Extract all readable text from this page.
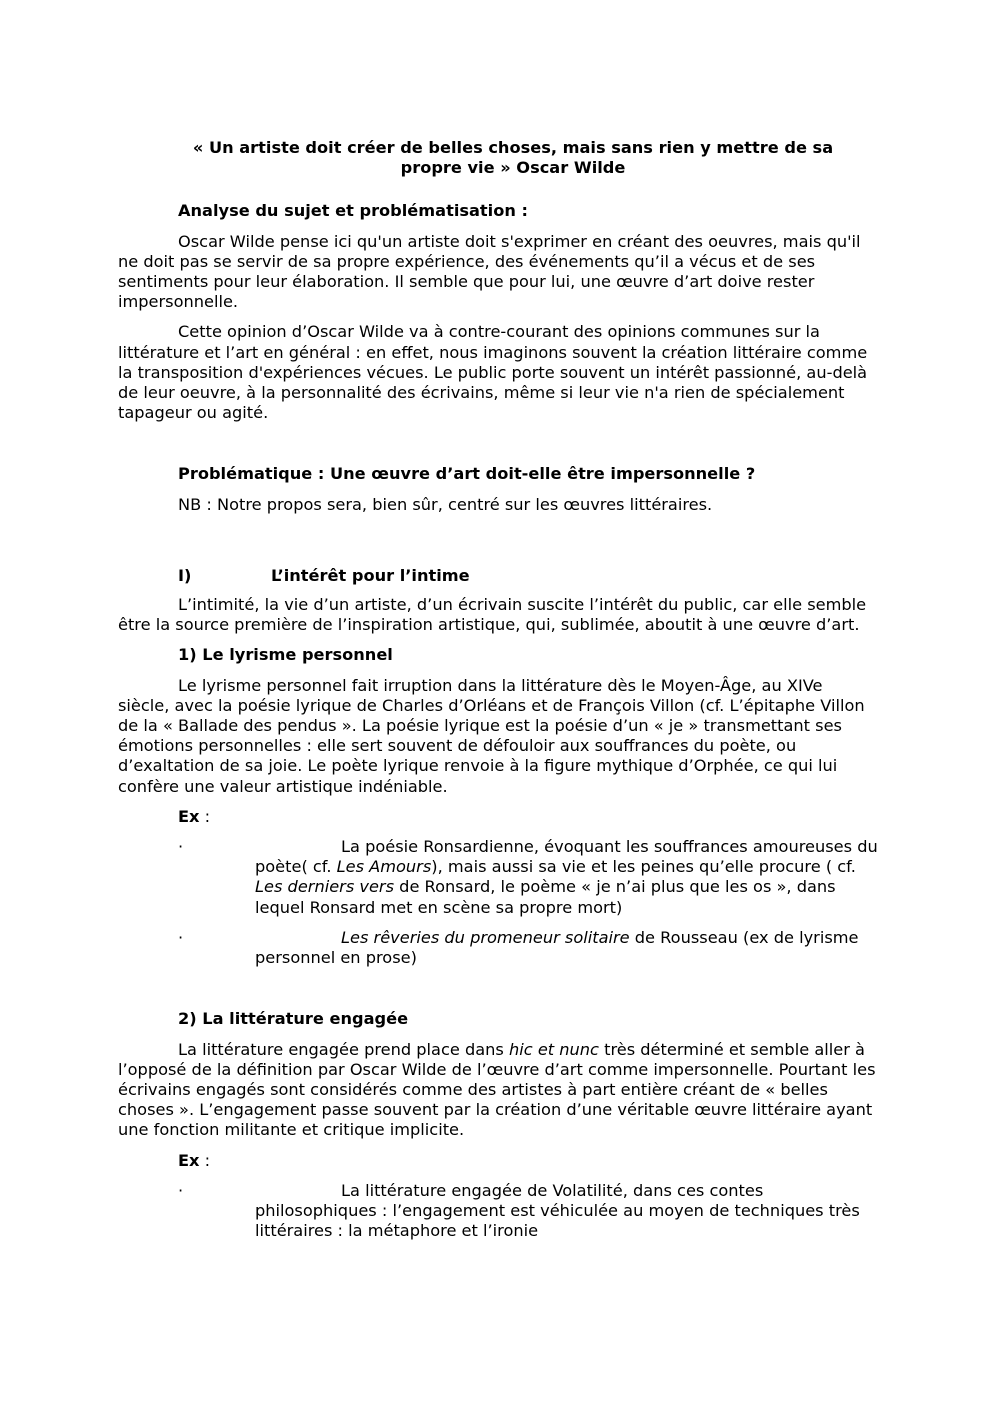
« Un artiste doit créer de belles choses, mais sans rien y mettre de sa
propre vie » Oscar Wilde

Analyse du sujet et problématisation :

Oscar Wilde pense ici qu'un artiste doit s'exprimer en créant des oeuvres, mais qu'il ne doit pas se servir de sa propre expérience, des événements qu’il a vécus et de ses sentiments pour leur élaboration. Il semble que pour lui, une œuvre d’art doive rester impersonnelle.

Cette opinion d’Oscar Wilde va à contre-courant des opinions communes sur la littérature et l’art en général : en effet, nous imaginons souvent la création littéraire comme la transposition d'expériences vécues. Le public porte souvent un intérêt passionné, au-delà de leur oeuvre, à la personnalité des écrivains, même si leur vie n'a rien de spécialement tapageur ou agité.

Problématique : Une œuvre d’art doit-elle être impersonnelle ?

NB : Notre propos sera, bien sûr, centré sur les œuvres littéraires.

I)	L’intérêt pour l’intime

L’intimité, la vie d’un artiste, d’un écrivain suscite l’intérêt du public, car elle semble être la source première de l’inspiration artistique, qui, sublimée, aboutit à une œuvre d’art.

1) Le lyrisme personnel

Le lyrisme personnel fait irruption dans la littérature dès le Moyen-Âge, au XIVe siècle, avec la poésie lyrique de Charles d’Orléans et de François Villon (cf. L’épitaphe Villon de la « Ballade des pendus ». La poésie lyrique est la poésie d’un « je » transmettant ses émotions personnelles : elle sert souvent de défouloir aux souffrances du poète, ou d’exaltation de sa joie. Le poète lyrique renvoie à la figure mythique d’Orphée, ce qui lui confère une valeur artistique indéniable.

Ex :

·	La poésie Ronsardienne, évoquant les souffrances amoureuses du poète( cf. Les Amours), mais aussi sa vie et les peines qu’elle procure ( cf. Les derniers vers de Ronsard, le poème « je n’ai plus que les os », dans lequel Ronsard met en scène sa propre mort)
·	Les rêveries du promeneur solitaire de Rousseau (ex de lyrisme personnel en prose)

2) La littérature engagée

La littérature engagée prend place dans hic et nunc très déterminé et semble aller à l’opposé de la définition par Oscar Wilde de l’œuvre d’art comme impersonnelle. Pourtant les écrivains engagés sont considérés comme des artistes à part entière créant de « belles choses ». L’engagement passe souvent par la création d’une véritable œuvre littéraire ayant une fonction militante et critique implicite.

Ex :

·	La littérature engagée de Volatilité, dans ces contes philosophiques : l’engagement est véhiculée au moyen de techniques très littéraires : la métaphore et l’ironie
